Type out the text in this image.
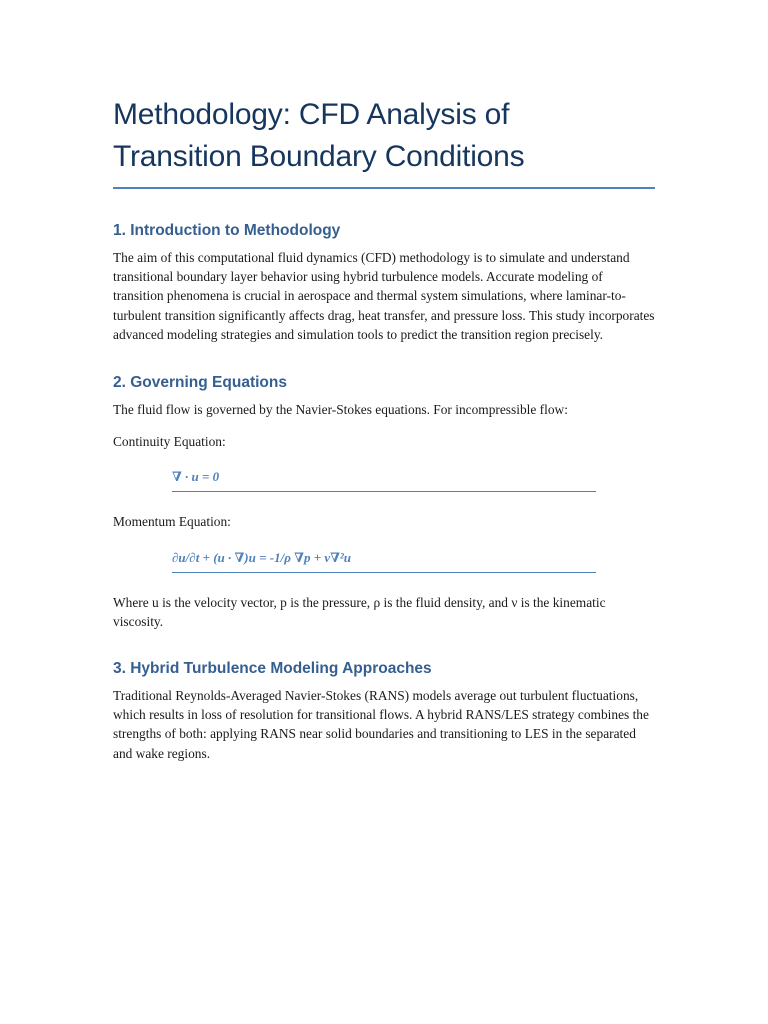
Methodology: CFD Analysis of
Transition Boundary Conditions
1. Introduction to Methodology

The aim of this computational fluid dynamics (CFD) methodology is to simulate and understand transitional boundary layer behavior using hybrid turbulence models. Accurate modeling of transition phenomena is crucial in aerospace and thermal system simulations, where laminar-to-turbulent transition significantly affects drag, heat transfer, and pressure loss. This study incorporates advanced modeling strategies and simulation tools to predict the transition region precisely.

2. Governing Equations

The fluid flow is governed by the Navier-Stokes equations. For incompressible flow:

Continuity Equation:

∇ · u = 0

Momentum Equation:

∂u/∂t + (u · ∇)u = -1/ρ ∇p + ν∇²u

Where u is the velocity vector, p is the pressure, ρ is the fluid density, and ν is the kinematic viscosity.

3. Hybrid Turbulence Modeling Approaches

Traditional Reynolds-Averaged Navier-Stokes (RANS) models average out turbulent fluctuations, which results in loss of resolution for transitional flows. A hybrid RANS/LES strategy combines the strengths of both: applying RANS near solid boundaries and transitioning to LES in the separated and wake regions.
